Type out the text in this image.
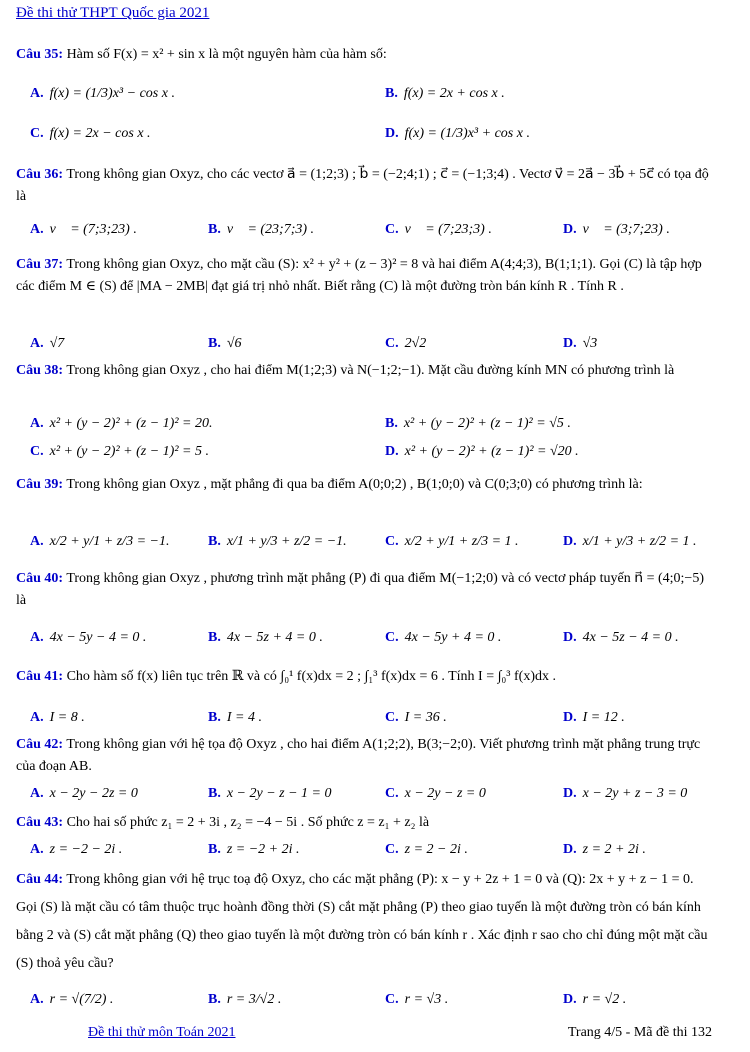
Đề thi thử THPT Quốc gia 2021
Câu 35: Hàm số F(x) = x² + sin x là một nguyên hàm của hàm số:
A. f(x) = (1/3)x³ − cos x .	B. f(x) = 2x + cos x .
C. f(x) = 2x − cos x .	D. f(x) = (1/3)x³ + cos x .
Câu 36: Trong không gian Oxyz, cho các vectơ a⃗ = (1;2;3) ; b⃗ = (−2;4;1) ; c⃗ = (−1;3;4) . Vectơ v⃗ = 2a⃗ − 3b⃗ + 5c⃗ có tọa độ là
A. v⃗ = (7;3;23) .	B. v⃗ = (23;7;3) .	C. v⃗ = (7;23;3) .	D. v⃗ = (3;7;23) .
Câu 37: Trong không gian Oxyz, cho mặt cầu (S): x² + y² + (z − 3)² = 8 và hai điểm A(4;4;3), B(1;1;1). Gọi (C) là tập hợp các điểm M ∈ (S) để |MA − 2MB| đạt giá trị nhỏ nhất. Biết rằng (C) là một đường tròn bán kính R . Tính R .
A. √7	B. √6	C. 2√2	D. √3
Câu 38: Trong không gian Oxyz , cho hai điểm M(1;2;3) và N(−1;2;−1). Mặt cầu đường kính MN có phương trình là
A. x² + (y − 2)² + (z − 1)² = 20.	B. x² + (y − 2)² + (z − 1)² = √5 .
C. x² + (y − 2)² + (z − 1)² = 5 .	D. x² + (y − 2)² + (z − 1)² = √20 .
Câu 39: Trong không gian Oxyz , mặt phẳng đi qua ba điểm A(0;0;2) , B(1;0;0) và C(0;3;0) có phương trình là:
A. x/2 + y/1 + z/3 = −1.	B. x/1 + y/3 + z/2 = −1.	C. x/2 + y/1 + z/3 = 1 .	D. x/1 + y/3 + z/2 = 1 .
Câu 40: Trong không gian Oxyz , phương trình mặt phẳng (P) đi qua điểm M(−1;2;0) và có vectơ pháp tuyến n⃗ = (4;0;−5) là
A. 4x − 5y − 4 = 0 .	B. 4x − 5z + 4 = 0 .	C. 4x − 5y + 4 = 0 .	D. 4x − 5z − 4 = 0 .
Câu 41: Cho hàm số f(x) liên tục trên ℝ và có ∫₀¹ f(x)dx = 2 ; ∫₁³ f(x)dx = 6 . Tính I = ∫₀³ f(x)dx .
A. I = 8 .	B. I = 4 .	C. I = 36 .	D. I = 12 .
Câu 42: Trong không gian với hệ tọa độ Oxyz , cho hai điểm A(1;2;2), B(3;−2;0). Viết phương trình mặt phẳng trung trực của đoạn AB.
A. x − 2y − 2z = 0	B. x − 2y − z − 1 = 0	C. x − 2y − z = 0	D. x − 2y + z − 3 = 0
Câu 43: Cho hai số phức z₁ = 2 + 3i , z₂ = −4 − 5i . Số phức z = z₁ + z₂ là
A. z = −2 − 2i .	B. z = −2 + 2i .	C. z = 2 − 2i .	D. z = 2 + 2i .
Câu 44: Trong không gian với hệ trục toạ độ Oxyz, cho các mặt phẳng (P): x − y + 2z + 1 = 0 và (Q): 2x + y + z − 1 = 0. Gọi (S) là mặt cầu có tâm thuộc trục hoành đồng thời (S) cắt mặt phẳng (P) theo giao tuyến là một đường tròn có bán kính bằng 2 và (S) cắt mặt phẳng (Q) theo giao tuyến là một đường tròn có bán kính r . Xác định r sao cho chỉ đúng một mặt cầu (S) thoả yêu cầu?
A. r = √(7/2) .	B. r = 3/√2 .	C. r = √3 .	D. r = √2 .
Đề thi thử môn Toán 2021	Trang 4/5 - Mã đề thi 132
